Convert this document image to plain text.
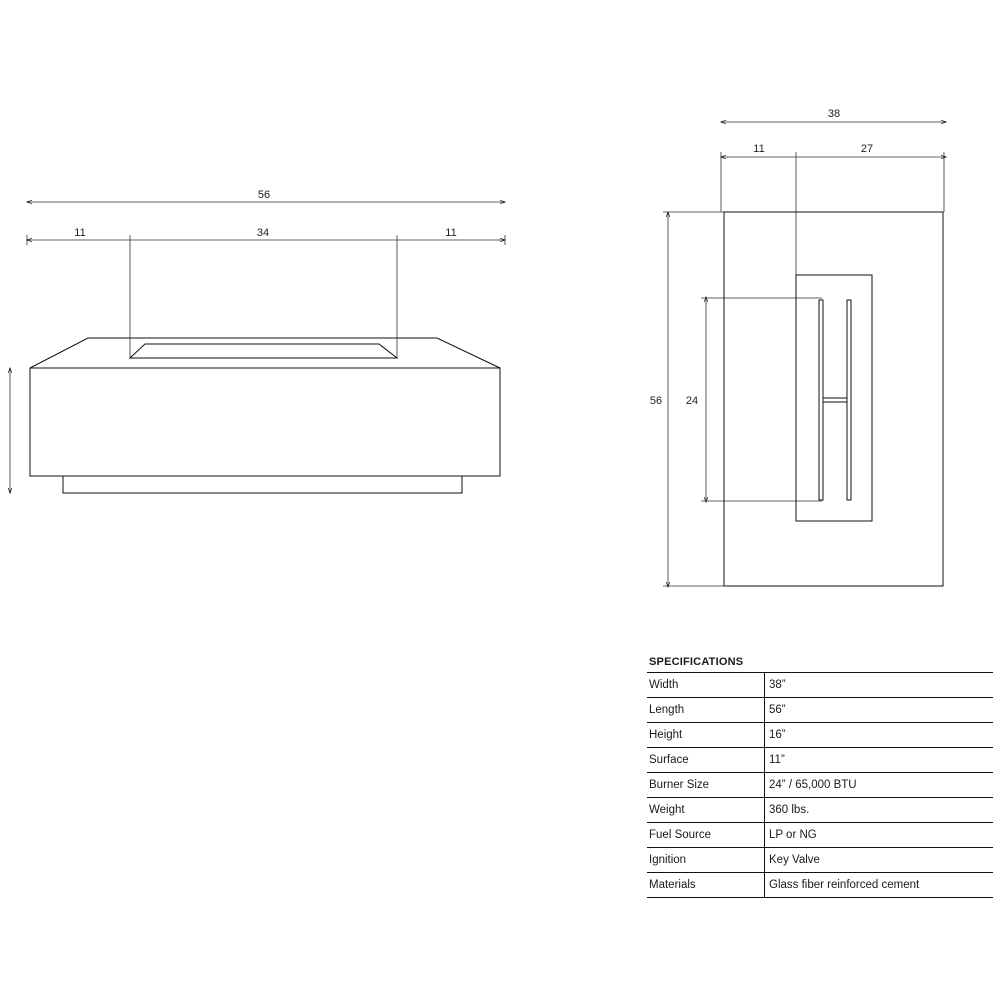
56
11	34	11
38
11	27
56 24
SPECIFICATIONS
Width	38”
Length	56”
Height	16”
Surface	11”
Burner Size	24” / 65,000 BTU
Weight	360 lbs.
Fuel Source	LP or NG
Ignition	Key Valve
Materials	Glass fiber reinforced cement
